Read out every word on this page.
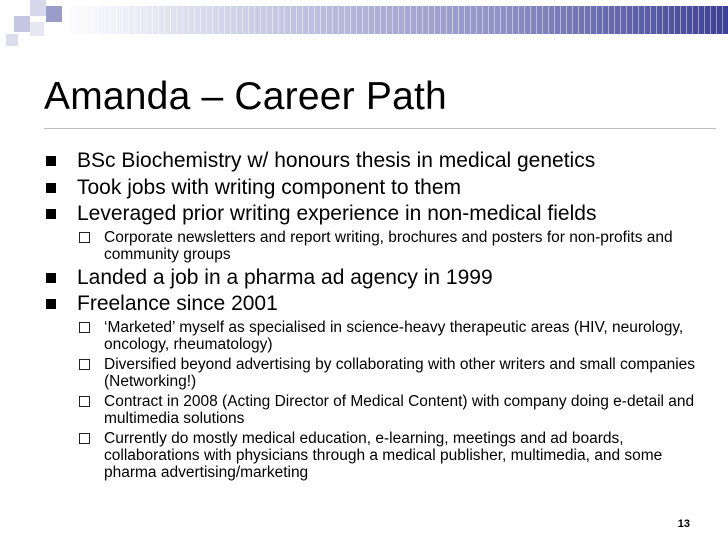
Amanda – Career Path
BSc Biochemistry w/ honours thesis in medical genetics
Took jobs with writing component to them
Leveraged prior writing experience in non-medical fields
Corporate newsletters and report writing, brochures and posters for non-profits and community groups
Landed a job in a pharma ad agency in 1999
Freelance since 2001
‘Marketed’ myself as specialised in science-heavy therapeutic areas (HIV, neurology, oncology, rheumatology)
Diversified beyond advertising by collaborating with other writers and small companies (Networking!)
Contract in 2008 (Acting Director of Medical Content) with company doing e-detail and multimedia solutions
Currently do mostly medical education, e-learning, meetings and ad boards, collaborations with physicians through a medical publisher, multimedia, and some pharma advertising/marketing
13
